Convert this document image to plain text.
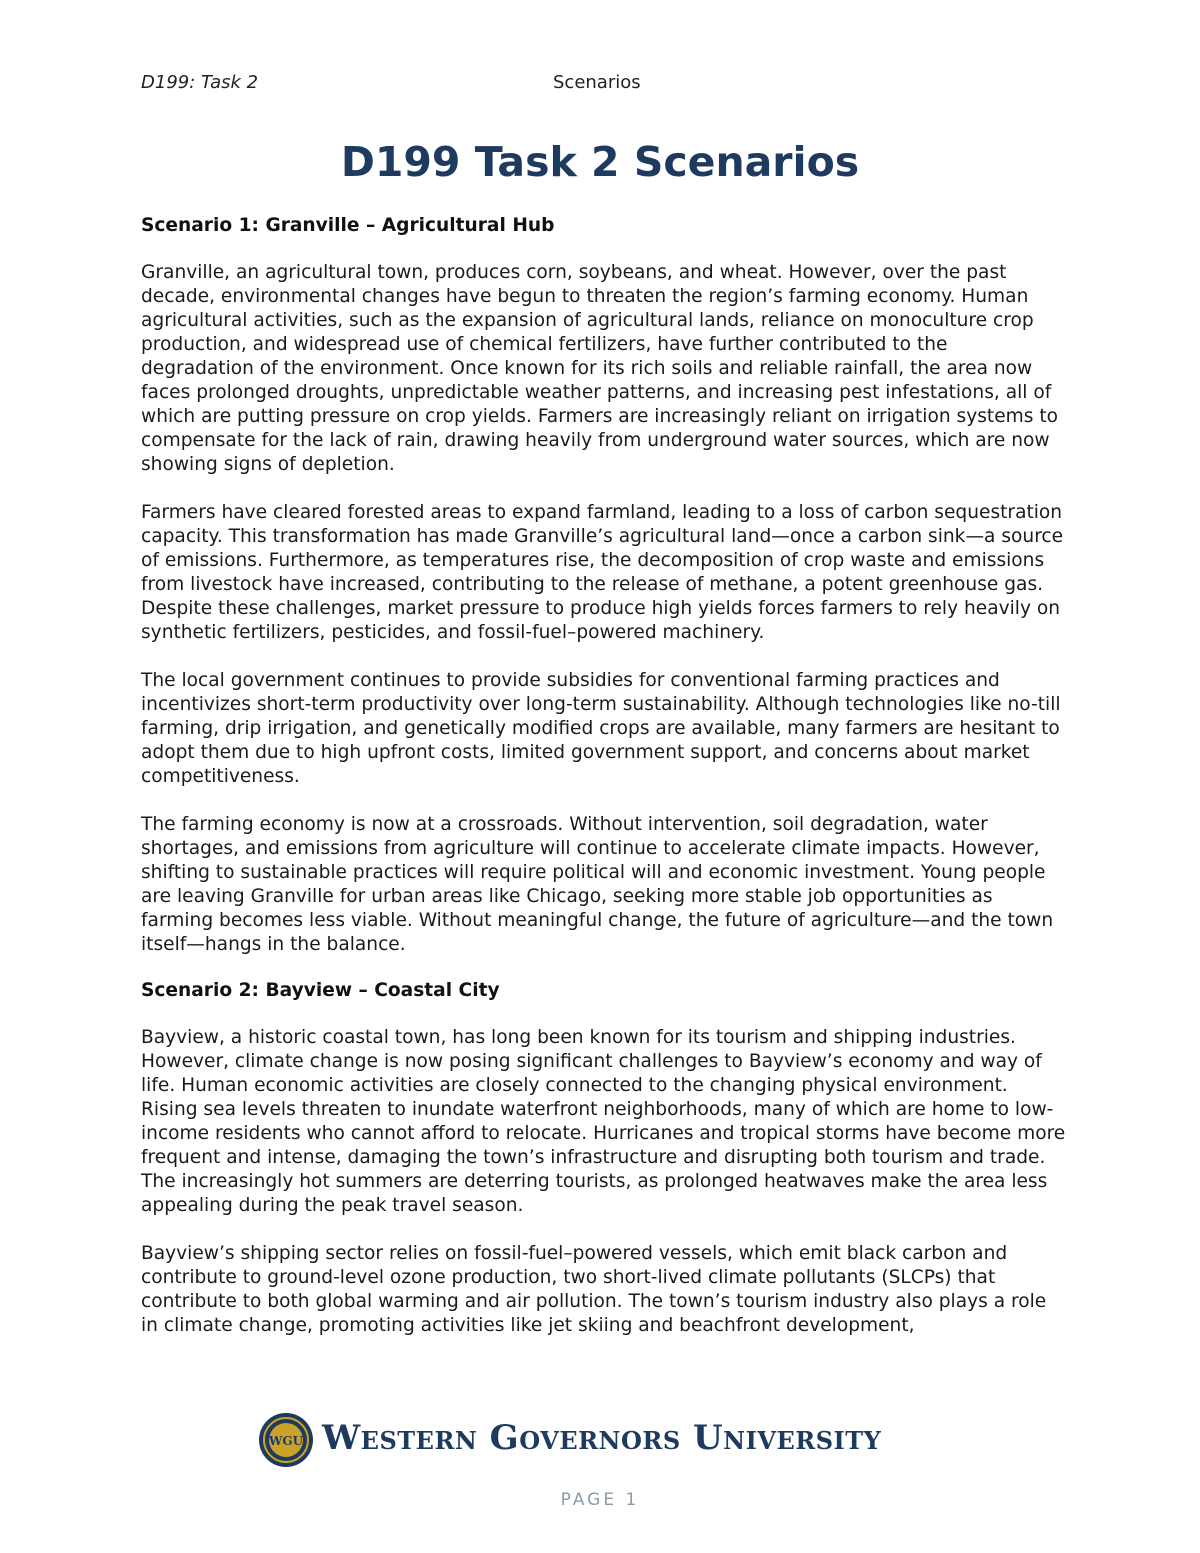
D199: Task 2	Scenarios
D199 Task 2 Scenarios
Scenario 1: Granville – Agricultural Hub

Granville, an agricultural town, produces corn, soybeans, and wheat. However, over the past decade, environmental changes have begun to threaten the region’s farming economy. Human agricultural activities, such as the expansion of agricultural lands, reliance on monoculture crop production, and widespread use of chemical fertilizers, have further contributed to the degradation of the environment. Once known for its rich soils and reliable rainfall, the area now faces prolonged droughts, unpredictable weather patterns, and increasing pest infestations, all of which are putting pressure on crop yields. Farmers are increasingly reliant on irrigation systems to compensate for the lack of rain, drawing heavily from underground water sources, which are now showing signs of depletion.

Farmers have cleared forested areas to expand farmland, leading to a loss of carbon sequestration capacity. This transformation has made Granville’s agricultural land—once a carbon sink—a source of emissions. Furthermore, as temperatures rise, the decomposition of crop waste and emissions from livestock have increased, contributing to the release of methane, a potent greenhouse gas. Despite these challenges, market pressure to produce high yields forces farmers to rely heavily on synthetic fertilizers, pesticides, and fossil-fuel–powered machinery.

The local government continues to provide subsidies for conventional farming practices and incentivizes short-term productivity over long-term sustainability. Although technologies like no-till farming, drip irrigation, and genetically modified crops are available, many farmers are hesitant to adopt them due to high upfront costs, limited government support, and concerns about market competitiveness.

The farming economy is now at a crossroads. Without intervention, soil degradation, water shortages, and emissions from agriculture will continue to accelerate climate impacts. However, shifting to sustainable practices will require political will and economic investment. Young people are leaving Granville for urban areas like Chicago, seeking more stable job opportunities as farming becomes less viable. Without meaningful change, the future of agriculture—and the town itself—hangs in the balance.

Scenario 2: Bayview – Coastal City

Bayview, a historic coastal town, has long been known for its tourism and shipping industries. However, climate change is now posing significant challenges to Bayview’s economy and way of life. Human economic activities are closely connected to the changing physical environment. Rising sea levels threaten to inundate waterfront neighborhoods, many of which are home to low-income residents who cannot afford to relocate. Hurricanes and tropical storms have become more frequent and intense, damaging the town’s infrastructure and disrupting both tourism and trade. The increasingly hot summers are deterring tourists, as prolonged heatwaves make the area less appealing during the peak travel season.

Bayview’s shipping sector relies on fossil-fuel–powered vessels, which emit black carbon and contribute to ground-level ozone production, two short-lived climate pollutants (SLCPs) that contribute to both global warming and air pollution. The town’s tourism industry also plays a role in climate change, promoting activities like jet skiing and beachfront development,

WGU Western Governors University
PAGE 1
